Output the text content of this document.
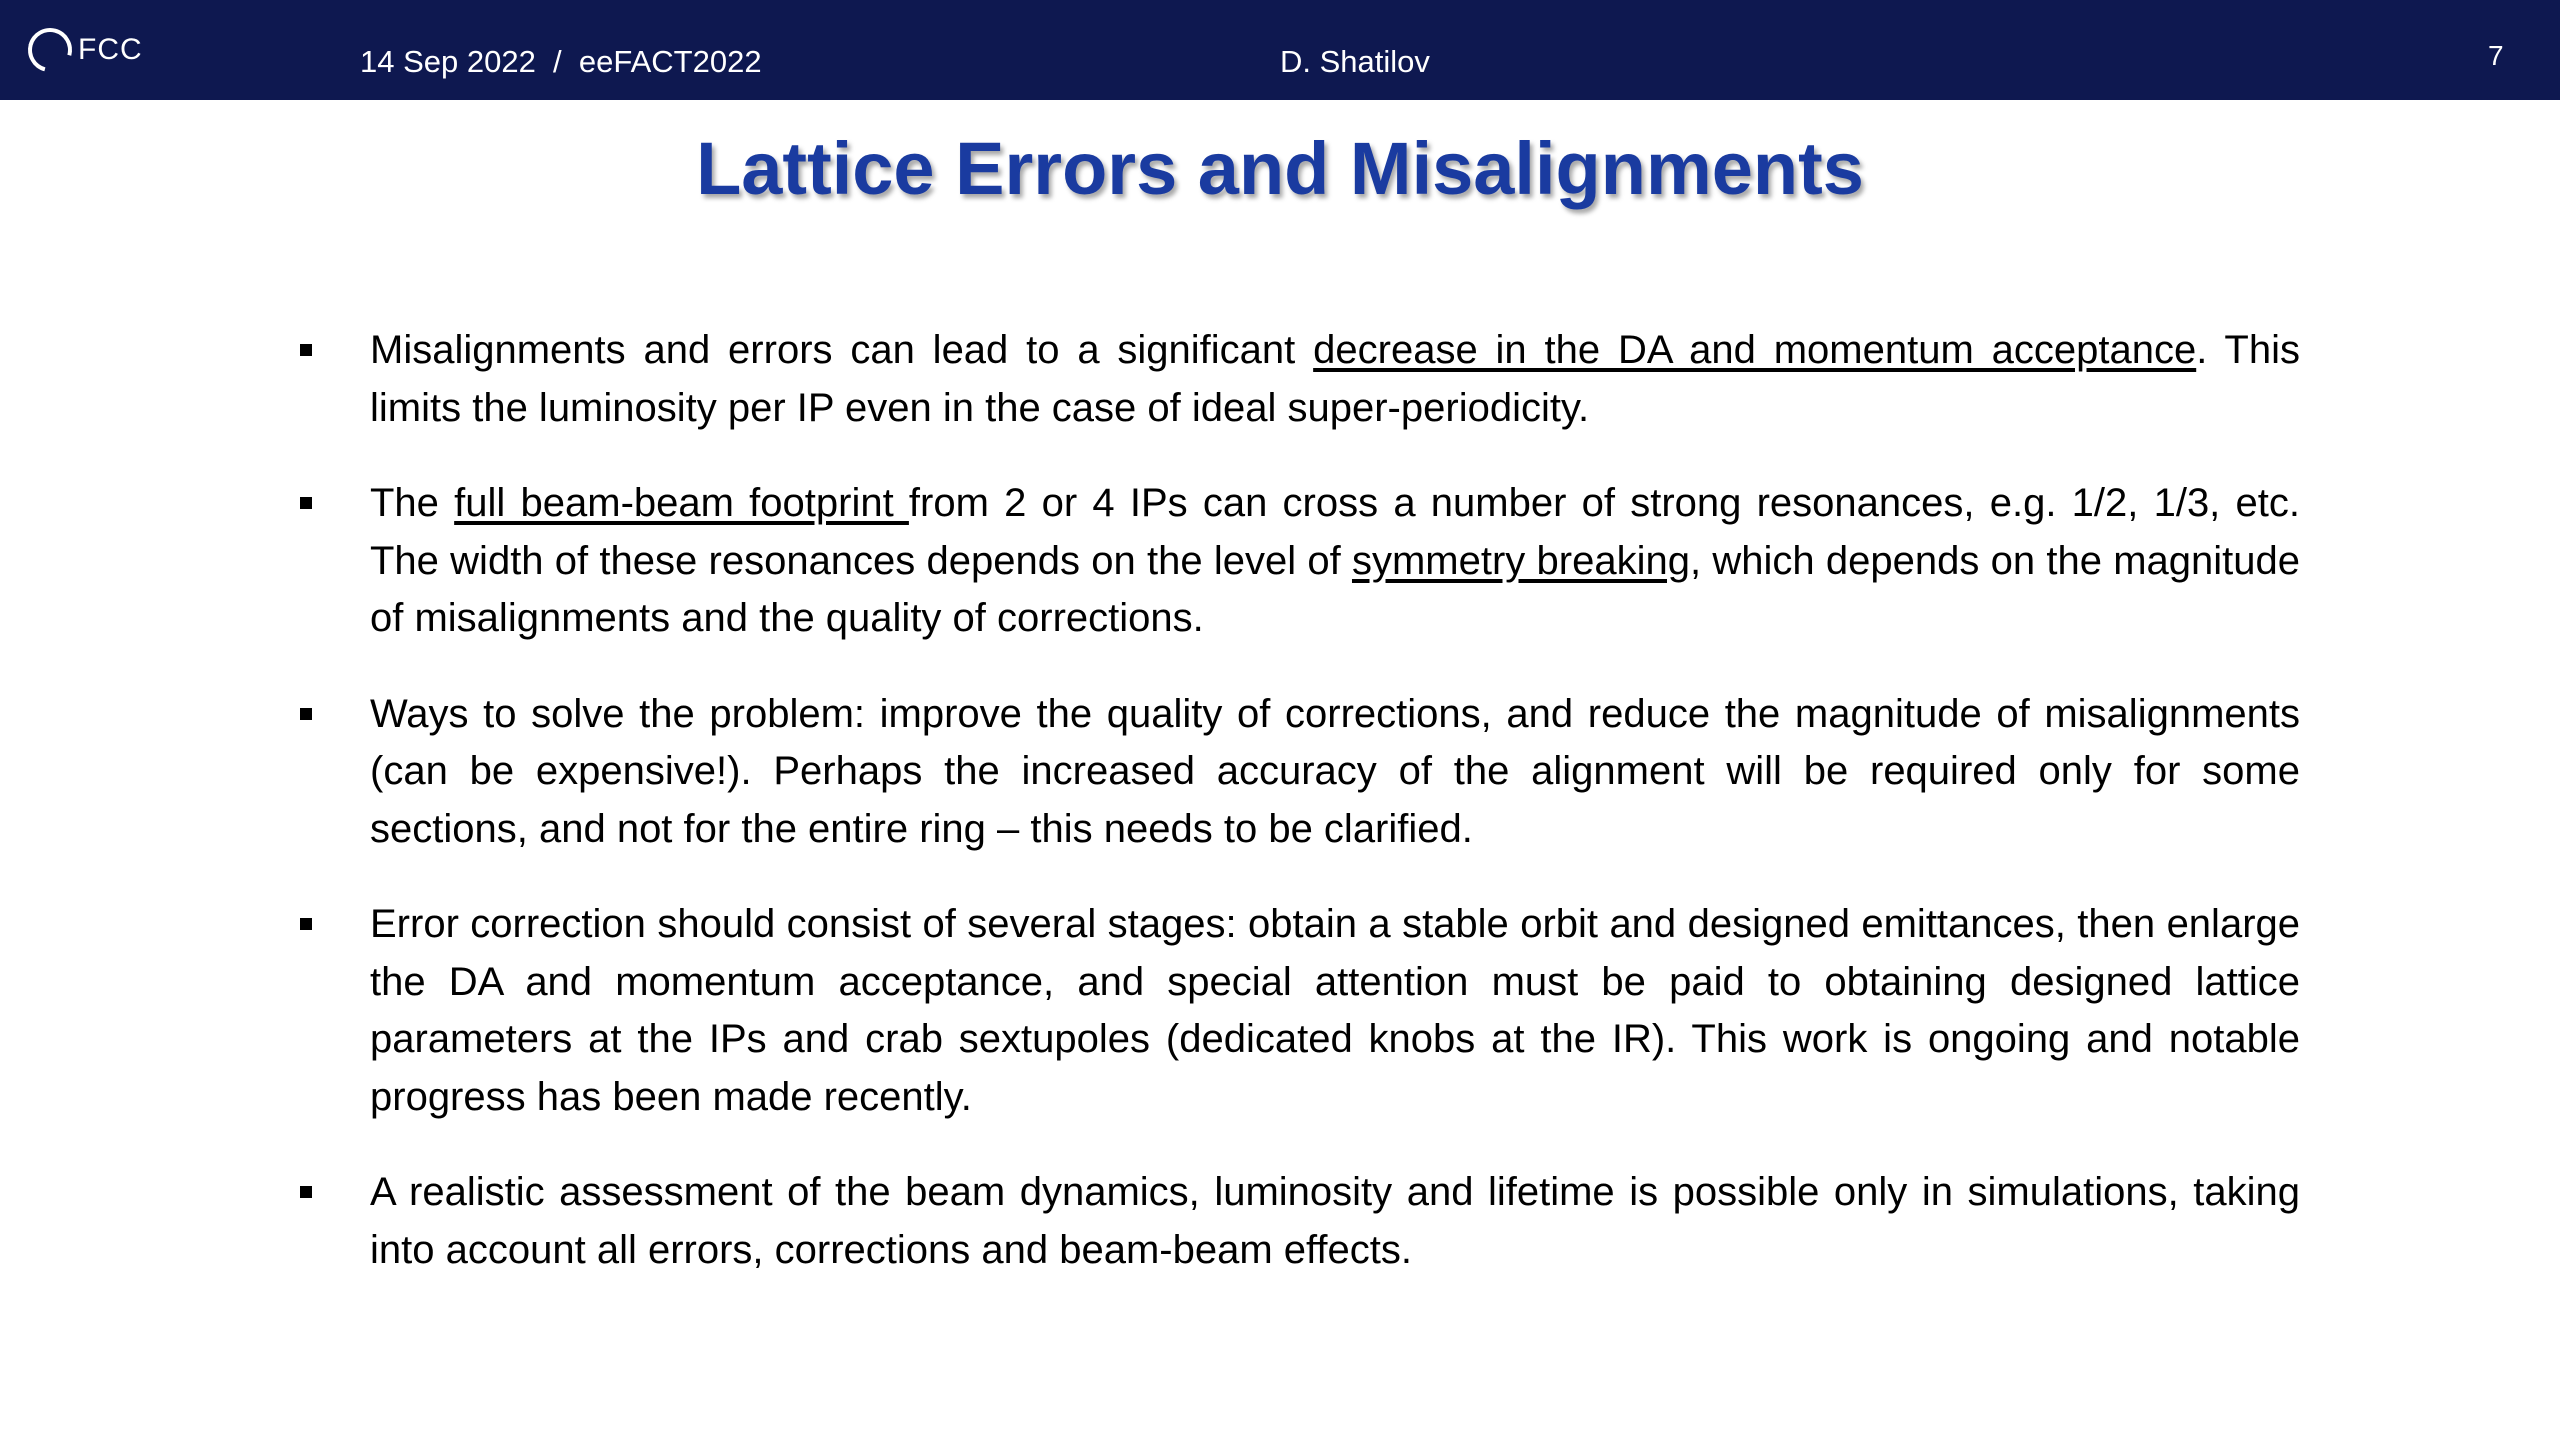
FCC	14 Sep 2022  /  eeFACT2022	D. Shatilov	7
Lattice Errors and Misalignments
Misalignments and errors can lead to a significant decrease in the DA and momentum acceptance. This limits the luminosity per IP even in the case of ideal super-periodicity.
The full beam-beam footprint from 2 or 4 IPs can cross a number of strong resonances, e.g. 1/2, 1/3, etc. The width of these resonances depends on the level of symmetry breaking, which depends on the magnitude of misalignments and the quality of corrections.
Ways to solve the problem: improve the quality of corrections, and reduce the magnitude of misalignments (can be expensive!). Perhaps the increased accuracy of the alignment will be required only for some sections, and not for the entire ring – this needs to be clarified.
Error correction should consist of several stages: obtain a stable orbit and designed emittances, then enlarge the DA and momentum acceptance, and special attention must be paid to obtaining designed lattice parameters at the IPs and crab sextupoles (dedicated knobs at the IR). This work is ongoing and notable progress has been made recently.
A realistic assessment of the beam dynamics, luminosity and lifetime is possible only in simulations, taking into account all errors, corrections and beam-beam effects.
